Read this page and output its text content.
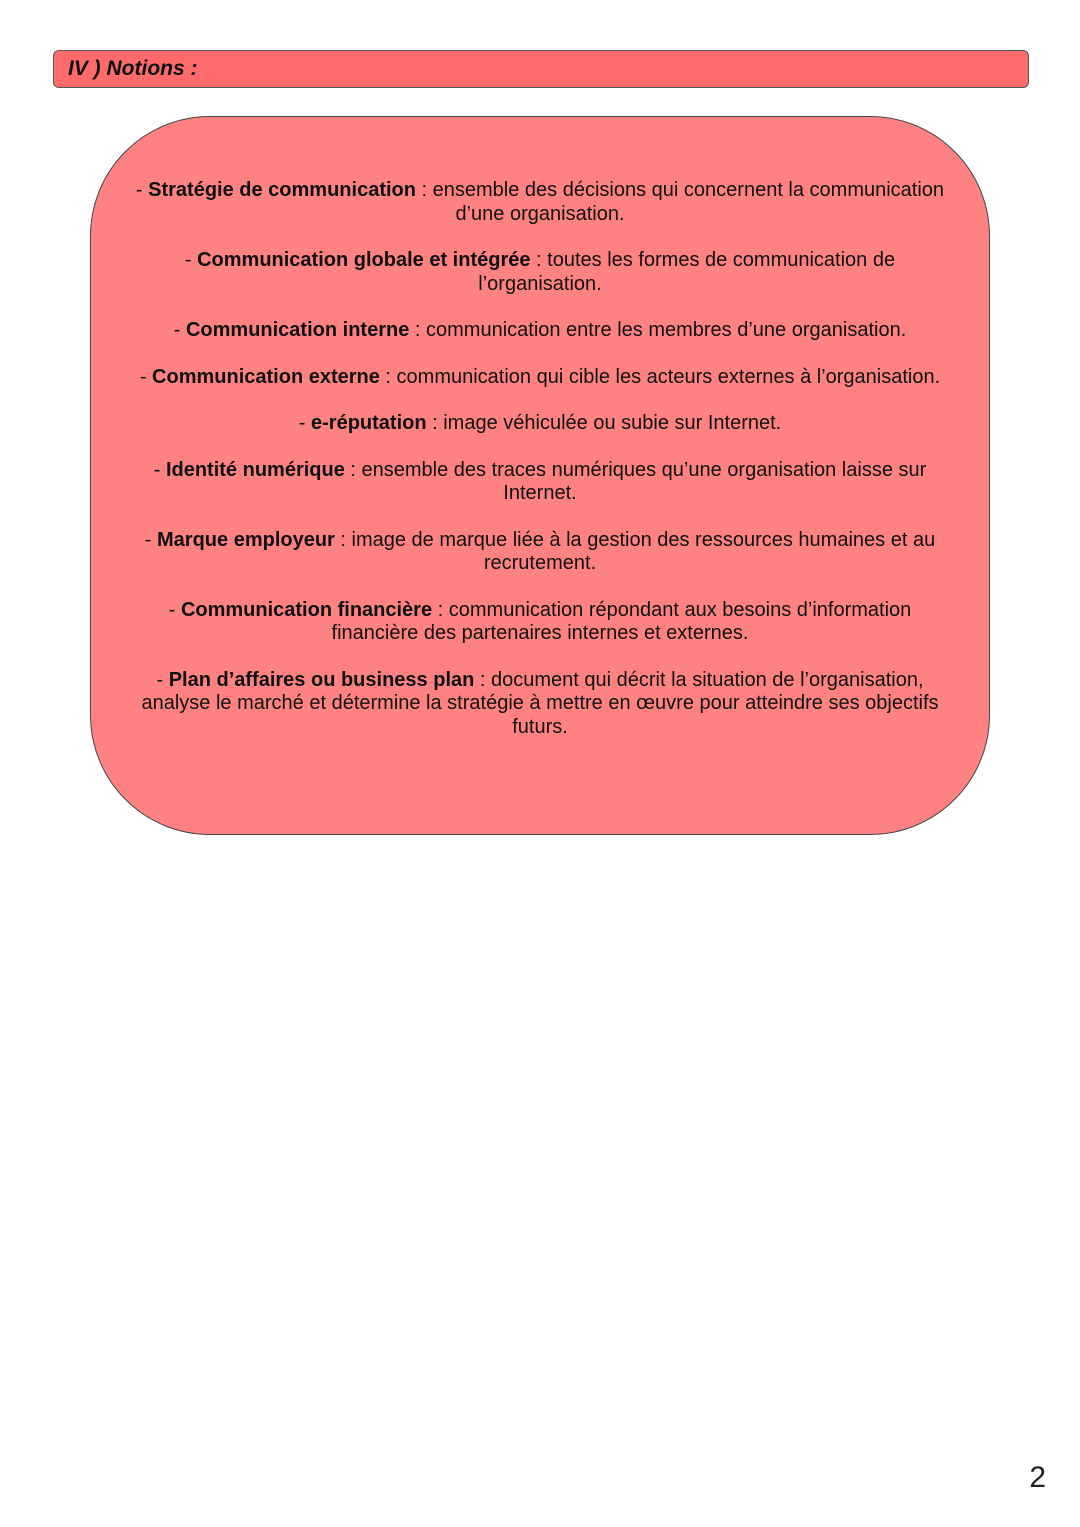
IV ) Notions :
- Stratégie de communication : ensemble des décisions qui concernent la communication d’une organisation.
- Communication globale et intégrée : toutes les formes de communication de l’organisation.
- Communication interne : communication entre les membres d’une organisation.
- Communication externe : communication qui cible les acteurs externes à l’organisation.
- e-réputation : image véhiculée ou subie sur Internet.
- Identité numérique : ensemble des traces numériques qu’une organisation laisse sur Internet.
- Marque employeur : image de marque liée à la gestion des ressources humaines et au recrutement.
- Communication financière : communication répondant aux besoins d’information financière des partenaires internes et externes.
- Plan d’affaires ou business plan : document qui décrit la situation de l’organisation, analyse le marché et détermine la stratégie à mettre en œuvre pour atteindre ses objectifs futurs.
2
